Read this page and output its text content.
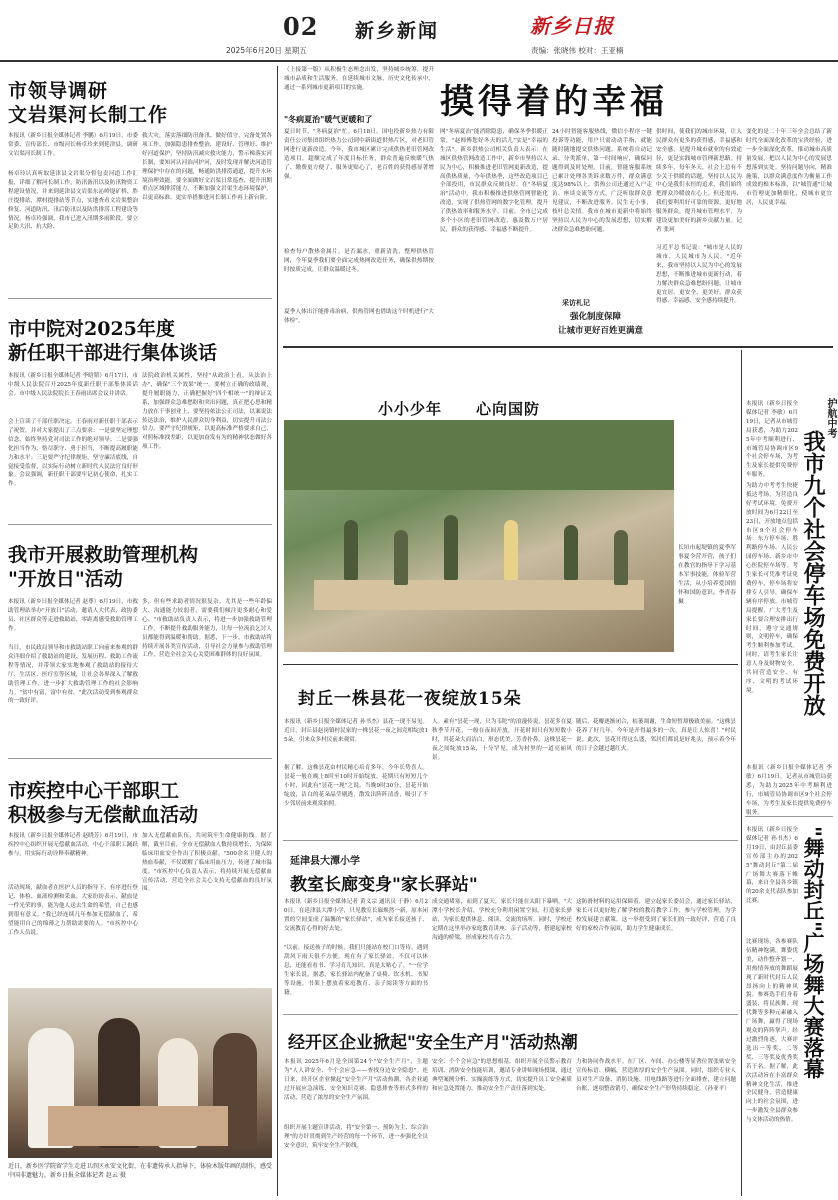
02 新乡新闻
2025年6月20日 星期五
新乡日报
责编：张晓伟 校对：王亚楠
市领导调研
文岩渠河长制工作
本报讯（新乡日报全媒体记者 李鹏）6月19日，市委常委、宣传部长、市级河长杨卓玲来到延津县，调研文岩渠河长制工作。
杨卓玲认真听取延津县文岩渠分督包责河道工作汇报，详细了解河长制工作，防汛备汛以及防汛物资工程建设情况，并来到延津县文岩渠东沁岭堤矿桥、胙庄提排站，潭村提排站等节点，实地查看文岩渠整治修复、河道防汛、汛后防汛以及防洪排涝工程建设等情况。杨卓玲强调，我市已进入汛期多雨阶段，要立足防大汛、抗大险、
救大灾，落实落细防汛备汛、做好值守，完备处置各项工作，加强隐患排查整治，建设好、管理好、维护好河道保护，坚持防汛减灾救灾能力，警示梯落实河长制，要知河认河治河护河，及时发现并解决河道管理保护中存在的问题，畅通防洪排涝通道，提升水环境治理效能。要全面做好文岩渠日常巡查，提升汛期重点区域排涝能力，不断加强文岩渠生态环境保护，以更高标准、更实举措推进河长制工作再上新台阶。
市中院对2025年度
新任职干部进行集体谈话
本报讯（新乡日报全媒体记者 李晗韬）6月17日，市中级人民法院召开2025年度新任职干部集体谈话会。市中级人民法院院长王春雨出席会议并讲话。
会上宣读了干部任职决定。王春雨对新任职干部表示了祝贺，并对大家提出了三点要求：一是要坚定理想信念，始终坚持党对司法工作的绝对领导；二是要强化担当作为，恪尽职守、勇于担当，不断提高履职能力和水平；三是要严守纪律规矩，坚守廉洁底线，自觉接受监督，以实际行动树立新时代人民法官良好形象。会议强调，新任职干部要牢记初心使命，扎实工作。
法院政治机关属性，坚持"从政治上看，从法治上办"，确保"三个效果"统一。要树立正确的政绩观，提升履职能力，正确把握好"四个相统一"的辩证关系，加强群众急难愁盼和突出问题，真正把心思和精力放在干事创业上，要坚持依法公正司法，以案说法传达法治，维护人民群众切身利益，切实提升司法公信力。要严守纪律规矩，以更高标准严格要求自己，对照标准找差距，以更加奋发有为的精神状态做好各项工作。
我市开展救助管理机构
"开放日"活动
本报讯（新乡日报全媒体记者 赵尊）6月19日，市救助管理站举办"开放日"活动，邀请人大代表、政协委员、社区群众等走进救助站，零距离感受救助管理工作。
当日，市民政局领导和市救助站职工向前来参观的群众详细介绍了救助站的建设、发展历程、救助工作流程等情况，并带领大家实地参观了救助站的接待大厅、生活区、医疗室等区域，让社会各界深入了解救助管理工作，进一步扩大救助管理工作的社会影响力。"贫中有富，富中有贫，"此次活动受到参观群众的一致好评。
多，但有些求助者情况很复杂，尤其是一些年龄偏大、沟通能力较弱者，需要我们倾注更多耐心和爱心。"市救助站负责人表示，将进一步加强救助管理工作，不断提升救助服务能力，让每一位流浪乞讨人员都能得到温暖和帮助。据悉，下一步，市救助站将持续开展各类宣传活动，引导社会力量参与救助管理工作，营造全社会关心关爱困难群体的良好氛围。
市疾控中心干部职工
积极参与无偿献血活动
本报讯（新乡日报全媒体记者 赵晓芳）6月19日，市疾控中心组织开展无偿献血活动，中心干部职工踊跃参与，用实际行动诠释奉献精神。
活动现场，献血者在医护人员的指导下，有序进行登记、体检、血液检测和采血。大家纷纷表示，献血是一件光荣的事，能为他人送去生命的希望，自己也感到很有意义。"我已经连续几年参加无偿献血了，希望能用自己的绵薄之力帮助需要的人。"市疾控中心工作人员说。
加入无偿献血队伍，共同筑牢生命健康防线。据了解，截至目前，全市无偿献血人数持续增长，为保障临床用血安全作出了积极贡献。"500余名卫健人的热血奉献，不仅缓解了临床用血压力，传递了城市温度。"市疾控中心负责人表示，将持续开展无偿献血宣传活动，营造全社会关心支持无偿献血的良好氛围。
近日，新乡医学院留学生走进卫滨区永安文化街，在非遗传承人指导下，体验木版年画的制作，感受中国非遗魅力。新乡日报全媒体记者 赵云 摄
（上接第一版）从积极生态理念出发，坚持城乡统筹，提升城市品质和生活服务。在延续城市文脉，历史文化传承中，通过一系列城市更新项目的实施。
"冬病夏治"暖气更暖和了
夏日时节，"冬病夏治"忙。6月18日，国电投新乡热力有限责任公司集团组织热力公司到中新街道供热片区，对老旧管网进行更新改造。今年，我市城区累计完成供热老旧管网改造项目，超额完成了年度目标任务，群众普遍反映暖气热了、缴费更方便了、服务更贴心了，老百姓的获得感显著增强。
检查每户散热金属片，是否漏水，重新清洗，整理供热管网，今年夏季我们要全面完成热网改造任务，确保供热期按时按质完成，让群众温暖过冬。
夏季人体出汗能排毒治病，供热管网也借助这个时机进行"大体检"。
摸得着的幸福
网"冬病夏治"能消除隐患，确保冬季供暖正常，"赵师傅您好冬天的活儿"实是"幸福的生活"。新乡供热公司相关负责人表示：在城区供热管网改造工作中，新乡市坚持以人民为中心，积极推进老旧管网更新改造，提高供热质量，今年供热季，这些改造项目已全部投用，市民群众反映良好。在"冬病夏治"活动中，我市积极推进供热管网智能化改造，实现了供热管网的数字化管理，提升了供热效率和服务水平。目前，全市已完成多个小区的老旧管网改造，惠及数万户居民，群众的获得感、幸福感不断提升。
24小时智能客服热线，微信小程序一键投诉等功能，用户只需动动手指，就能随时随地提交供热问题。系统将自动记录、分类派单，第一时间响应，确保问题得到及时处理。目前，智能客服系统已累计处理各类诉求数万件，群众满意度达98%以上。供热公司还通过入户走访、座谈交流等方式，广泛听取群众意见建议，不断改进服务。民生无小事，枝叶总关情。我市在城市更新中将始终坚持以人民为中心的发展思想，切实解决群众急难愁盼问题。
采访札记
强化制度保障
让城市更好百姓更满意
供时间，使我们的城市环境，让人民群众有更多的获得感，幸福感和安全感，是提升城市就业的有效途径，更是实践城市管理新思路。持续多年，每年冬天，社会上总有不少关于供暖的话题，坚持以人民为中心是我们永恒的追求，我们始终把群众冷暖放在心上。但还需再，我们要利用好可靠的资源，更好地服务群众，提升城市管理水平，为建设更加美好的新乡贡献力量。记者 张珂
变化的是二十年三年全会总结了新时代全面深化改革的宝贵经验，进一步全面深化改革，推动城市高质量发展，把以人民为中心的发展思想落到实处。坚持问题导向，精准施策，以群众满意度作为衡量工作成效的根本标准，以"城管通"让城市管理更加精细化，使城市更宜居，人民更幸福。
习近平总书记说："城市是人民的城市，人民城市为人民。"近年来，我市坚持以人民为中心的发展思想，不断推进城市更新行动，着力解决群众急难愁盼问题，让城市更宜居、更安全、更美好，群众获得感、幸福感、安全感持续提升。
小小少年 心向国防
长垣市起堤镇的夏季军事夏令营开营，孩子们在教官的指导下学习基本军事技能，体验军营生活，从小培养爱国情怀和国防意识。李青春 摄
封丘一株县花一夜绽放15朵
本报讯（新乡日报全媒体记者 孙书杰）县花一现不易见。近日，封丘县赵岗镇村民家的一株昙花一夜之间竞相绽放15朵，引来众多村民前来观赏。
据了解，这株昙花由村民精心培育多年，今年长势喜人。昙花一般在晚上8时至10时开始绽放，花期只有短短几个小时，因此有"昙花一现"之说。当晚9时30分，昙花开始绽放，洁白的花朵晶莹剔透，散发出阵阵清香，吸引了不少邻居前来观赏拍照。
人。素有"昙花一现，只为韦陀"的浪漫传说。昙花多在夏秋季节开花，一般在夜间开放，开花时间只有短短数小时，其花朵大而洁白，形态优美，芳香扑鼻。这株昙花一夜之间绽放15朵，十分罕见，成为村里的一道亮丽风景。
随后，花瓣逐渐闭合，枯萎凋谢，生命短暂却极致美丽。"这株昙花养了好几年，今年是开得最多的一次，真是让人惊喜！"村民说。此次，昙花开得这么盛，邻居们都说是好兆头，预示着今年的日子会越过越红火。
延津县大潭小学
教室长廊变身"家长驿站"
本报讯（新乡日报全媒体记者 黄义宗 通讯员 于静）6月20日，在延津县大潭小学，只见教室长廊焕然一新，原本闲置的空间变成了温馨的"家长驿站"，成为家长接送孩子、交流教育心得的好去处。
"以前，接送孩子的时候，我们只能站在校门口等待，遇到刮风下雨天很不方便。现在有了家长驿站，不仅可以休息，还能看看书、学习育儿知识，真是太贴心了。"一位学生家长说。据悉，家长驿站内配备了桌椅、饮水机、书架等设施，书架上摆放着家庭教育、亲子阅读等方面的书籍。
成交通堵塞，而到了夏天，家长只能在太阳下暴晒。"大潭小学校长介绍，学校充分利用闲置空间，打造家长驿站，为家长提供休息、阅读、交流的场所。同时，学校还定期在这里举办家庭教育讲座、亲子活动等，搭建起家校沟通的桥梁，形成家校共育合力。
这防滑材料的运用保障着，建立起家长委员会，通过家长驿站，家长可以更好地了解学校的教育教学工作，参与学校管理，为学校发展建言献策。这一举措受到了家长们的一致好评，营造了良好的家校合作氛围，助力学生健康成长。
经开区企业掀起"安全生产月"活动热潮
本报讯 2025年6月是全国第24个"安全生产月"，主题为"人人讲安全、个个会应急——查找身边安全隐患"。连日来，经开区企业掀起"安全生产月"活动热潮，各企业通过开展应急演练、安全知识竞赛、隐患排查等形式多样的活动，营造了浓厚的安全生产氛围。
组织开展主题宣讲活动，将"安全第一、预防为主、综合治理"的方针贯彻到生产经营的每一个环节，进一步强化全员安全意识，筑牢安全生产防线。
安全、个个会应急"的思想根基。组织开展全员警示教育培训、消防安全技能培训，邀请专业讲师现场授课，通过典型案例分析、实操演练等方式，切实提升员工安全素质和应急处置能力，推动安全生产责任落到实处。
力和协同作战水平。在厂区、车间、办公楼等显著位置张贴安全宣传标语、横幅，营造浓厚的安全生产氛围。同时，组织专业人员对生产设备、消防设施、用电线路等进行全面排查，建立问题台账，逐项整改销号，确保安全生产形势持续稳定。（孙亚平）
护航中考
我市九个社会停车场免费开放
本报讯（新乡日报全媒体记者 李敏）6月19日，记者从市城管局获悉，为助力2025年中考顺利进行，市城管局协调市区9个社会停车场，为考生及家长提供免费停车服务。
为助力中考考生快捷抵达考场，为营造良好考试环境，免费开放时间为6月22日至23日，开放地点包括市区9个社会停车场：东方停车场、胜利路停车场、人民公园停车场、新乡市中心医院停车场等。考生家长可凭准考证免费停车，停车场将安排专人引导，确保车辆有序停放。市城管局提醒，广大考生及家长要合理安排出行时间，遵守交通规则，文明停车，确保考生顺利参加考试。同时，请考生家长注意人身及财物安全，共同营造安全、有序、文明的考试环境。
本报讯（新乡日报全媒体记者 李敏）6月19日，记者从市城管局获悉，为助力2025年中考顺利进行，市城管局协调市区9个社会停车场，为考生及家长提供免费停车服务。
"舞动封丘"广场舞大赛落幕
本报讯（新乡日报全媒体记者 孙书杰）6月19日，由封丘县委宣传部主办的2025"舞动封丘"第二届广场舞大赛落下帷幕，来自全县各乡镇的20余支代表队参加比赛。
比赛现场，各参赛队伍精神饱满，舞姿优美，动作整齐划一，用热情奔放的舞蹈展现了新时代封丘人民昂扬向上的精神风貌。参赛选手们身着盛装，将民族舞、现代舞等多种元素融入广场舞，赢得了现场观众的阵阵掌声。经过激烈角逐，大赛评选出一等奖、二等奖、三等奖及优秀奖若干名。据了解，此次活动旨在丰富群众精神文化生活，推进全民健身，营造健康向上的社会氛围，进一步激发全县群众参与文体活动的热情。
